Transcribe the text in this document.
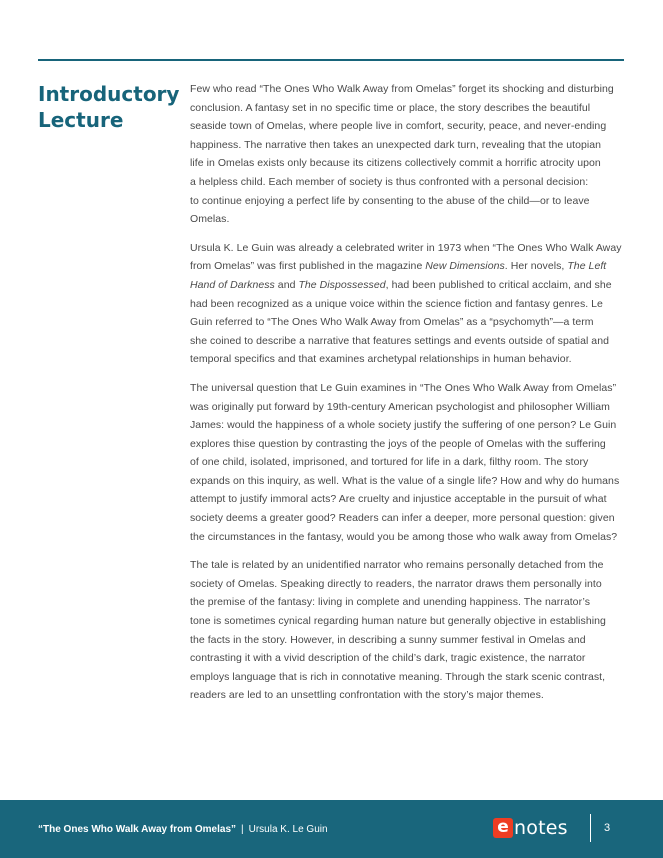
Introductory
Lecture

Few who read “The Ones Who Walk Away from Omelas” forget its shocking and disturbing
conclusion. A fantasy set in no specific time or place, the story describes the beautiful
seaside town of Omelas, where people live in comfort, security, peace, and never-ending
happiness. The narrative then takes an unexpected dark turn, revealing that the utopian
life in Omelas exists only because its citizens collectively commit a horrific atrocity upon
a helpless child. Each member of society is thus confronted with a personal decision:
to continue enjoying a perfect life by consenting to the abuse of the child—or to leave
Omelas.

Ursula K. Le Guin was already a celebrated writer in 1973 when “The Ones Who Walk Away
from Omelas” was first published in the magazine New Dimensions. Her novels, The Left
Hand of Darkness and The Dispossessed, had been published to critical acclaim, and she
had been recognized as a unique voice within the science fiction and fantasy genres. Le
Guin referred to “The Ones Who Walk Away from Omelas” as a “psychomyth”—a term
she coined to describe a narrative that features settings and events outside of spatial and
temporal specifics and that examines archetypal relationships in human behavior.

The universal question that Le Guin examines in “The Ones Who Walk Away from Omelas”
was originally put forward by 19th-century American psychologist and philosopher William
James: would the happiness of a whole society justify the suffering of one person? Le Guin
explores thise question by contrasting the joys of the people of Omelas with the suffering
of one child, isolated, imprisoned, and tortured for life in a dark, filthy room. The story
expands on this inquiry, as well. What is the value of a single life? How and why do humans
attempt to justify immoral acts? Are cruelty and injustice acceptable in the pursuit of what
society deems a greater good? Readers can infer a deeper, more personal question: given
the circumstances in the fantasy, would you be among those who walk away from Omelas?

The tale is related by an unidentified narrator who remains personally detached from the
society of Omelas. Speaking directly to readers, the narrator draws them personally into
the premise of the fantasy: living in complete and unending happiness. The narrator’s
tone is sometimes cynical regarding human nature but generally objective in establishing
the facts in the story. However, in describing a sunny summer festival in Omelas and
contrasting it with a vivid description of the child’s dark, tragic existence, the narrator
employs language that is rich in connotative meaning. Through the stark scenic contrast,
readers are led to an unsettling confrontation with the story’s major themes.

“The Ones Who Walk Away from Omelas” | Ursula K. Le Guin	e notes	3
